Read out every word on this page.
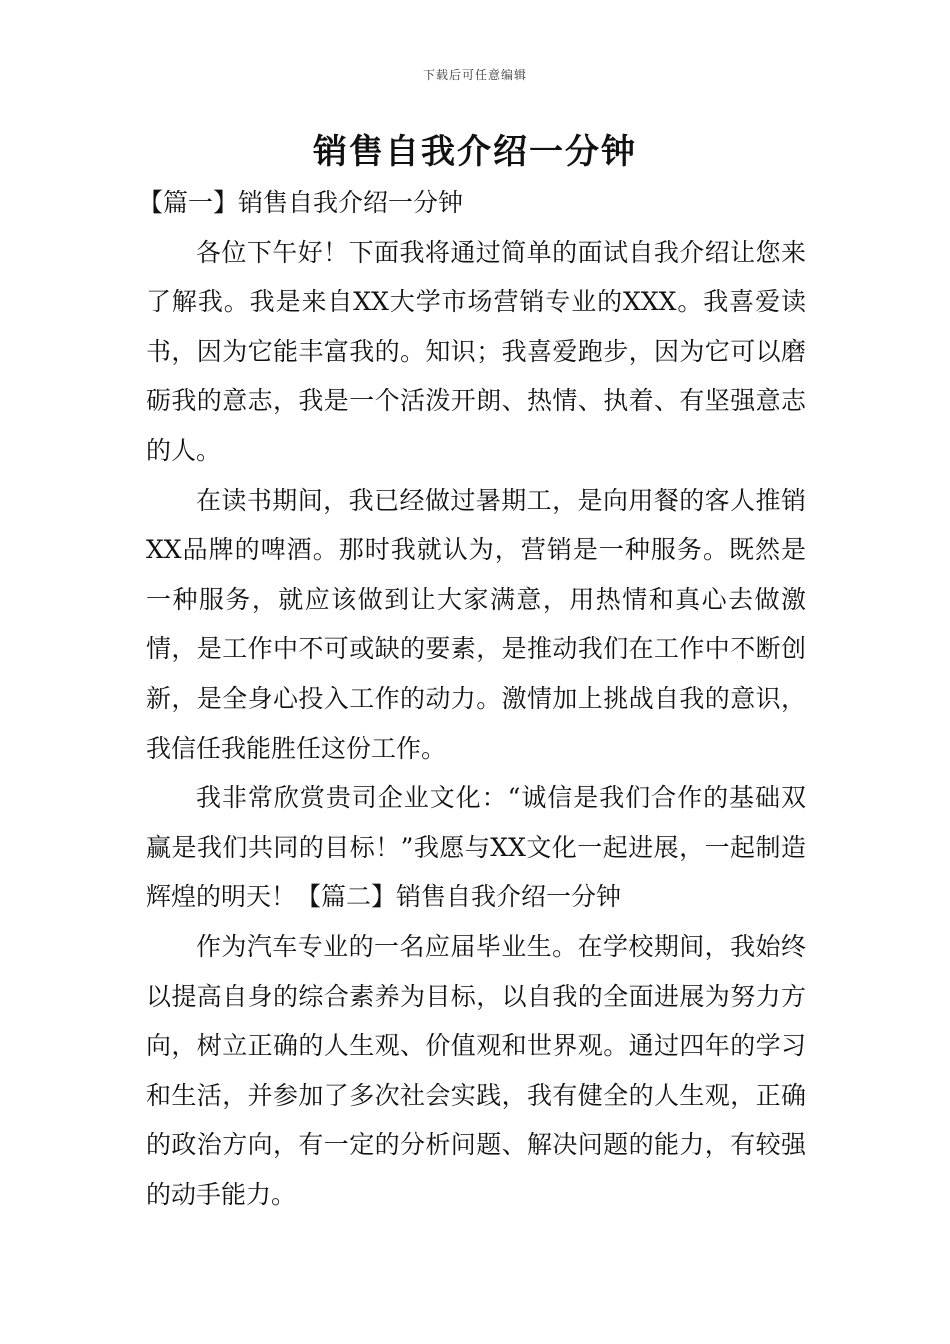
下载后可任意编辑
销售自我介绍一分钟

【篇一】销售自我介绍一分钟

各位下午好！下面我将通过简单的面试自我介绍让您来了解我。我是来自XX大学市场营销专业的XXX。我喜爱读书，因为它能丰富我的。知识；我喜爱跑步，因为它可以磨砺我的意志，我是一个活泼开朗、热情、执着、有坚强意志的人。

在读书期间，我已经做过暑期工，是向用餐的客人推销XX品牌的啤酒。那时我就认为，营销是一种服务。既然是一种服务，就应该做到让大家满意，用热情和真心去做激情，是工作中不可或缺的要素，是推动我们在工作中不断创新，是全身心投入工作的动力。激情加上挑战自我的意识，我信任我能胜任这份工作。

我非常欣赏贵司企业文化：“诚信是我们合作的基础双赢是我们共同的目标！”我愿与XX文化一起进展，一起制造辉煌的明天！【篇二】销售自我介绍一分钟

作为汽车专业的一名应届毕业生。在学校期间，我始终以提高自身的综合素养为目标，以自我的全面进展为努力方向，树立正确的人生观、价值观和世界观。通过四年的学习和生活，并参加了多次社会实践，我有健全的人生观，正确的政治方向，有一定的分析问题、解决问题的能力，有较强的动手能力。
